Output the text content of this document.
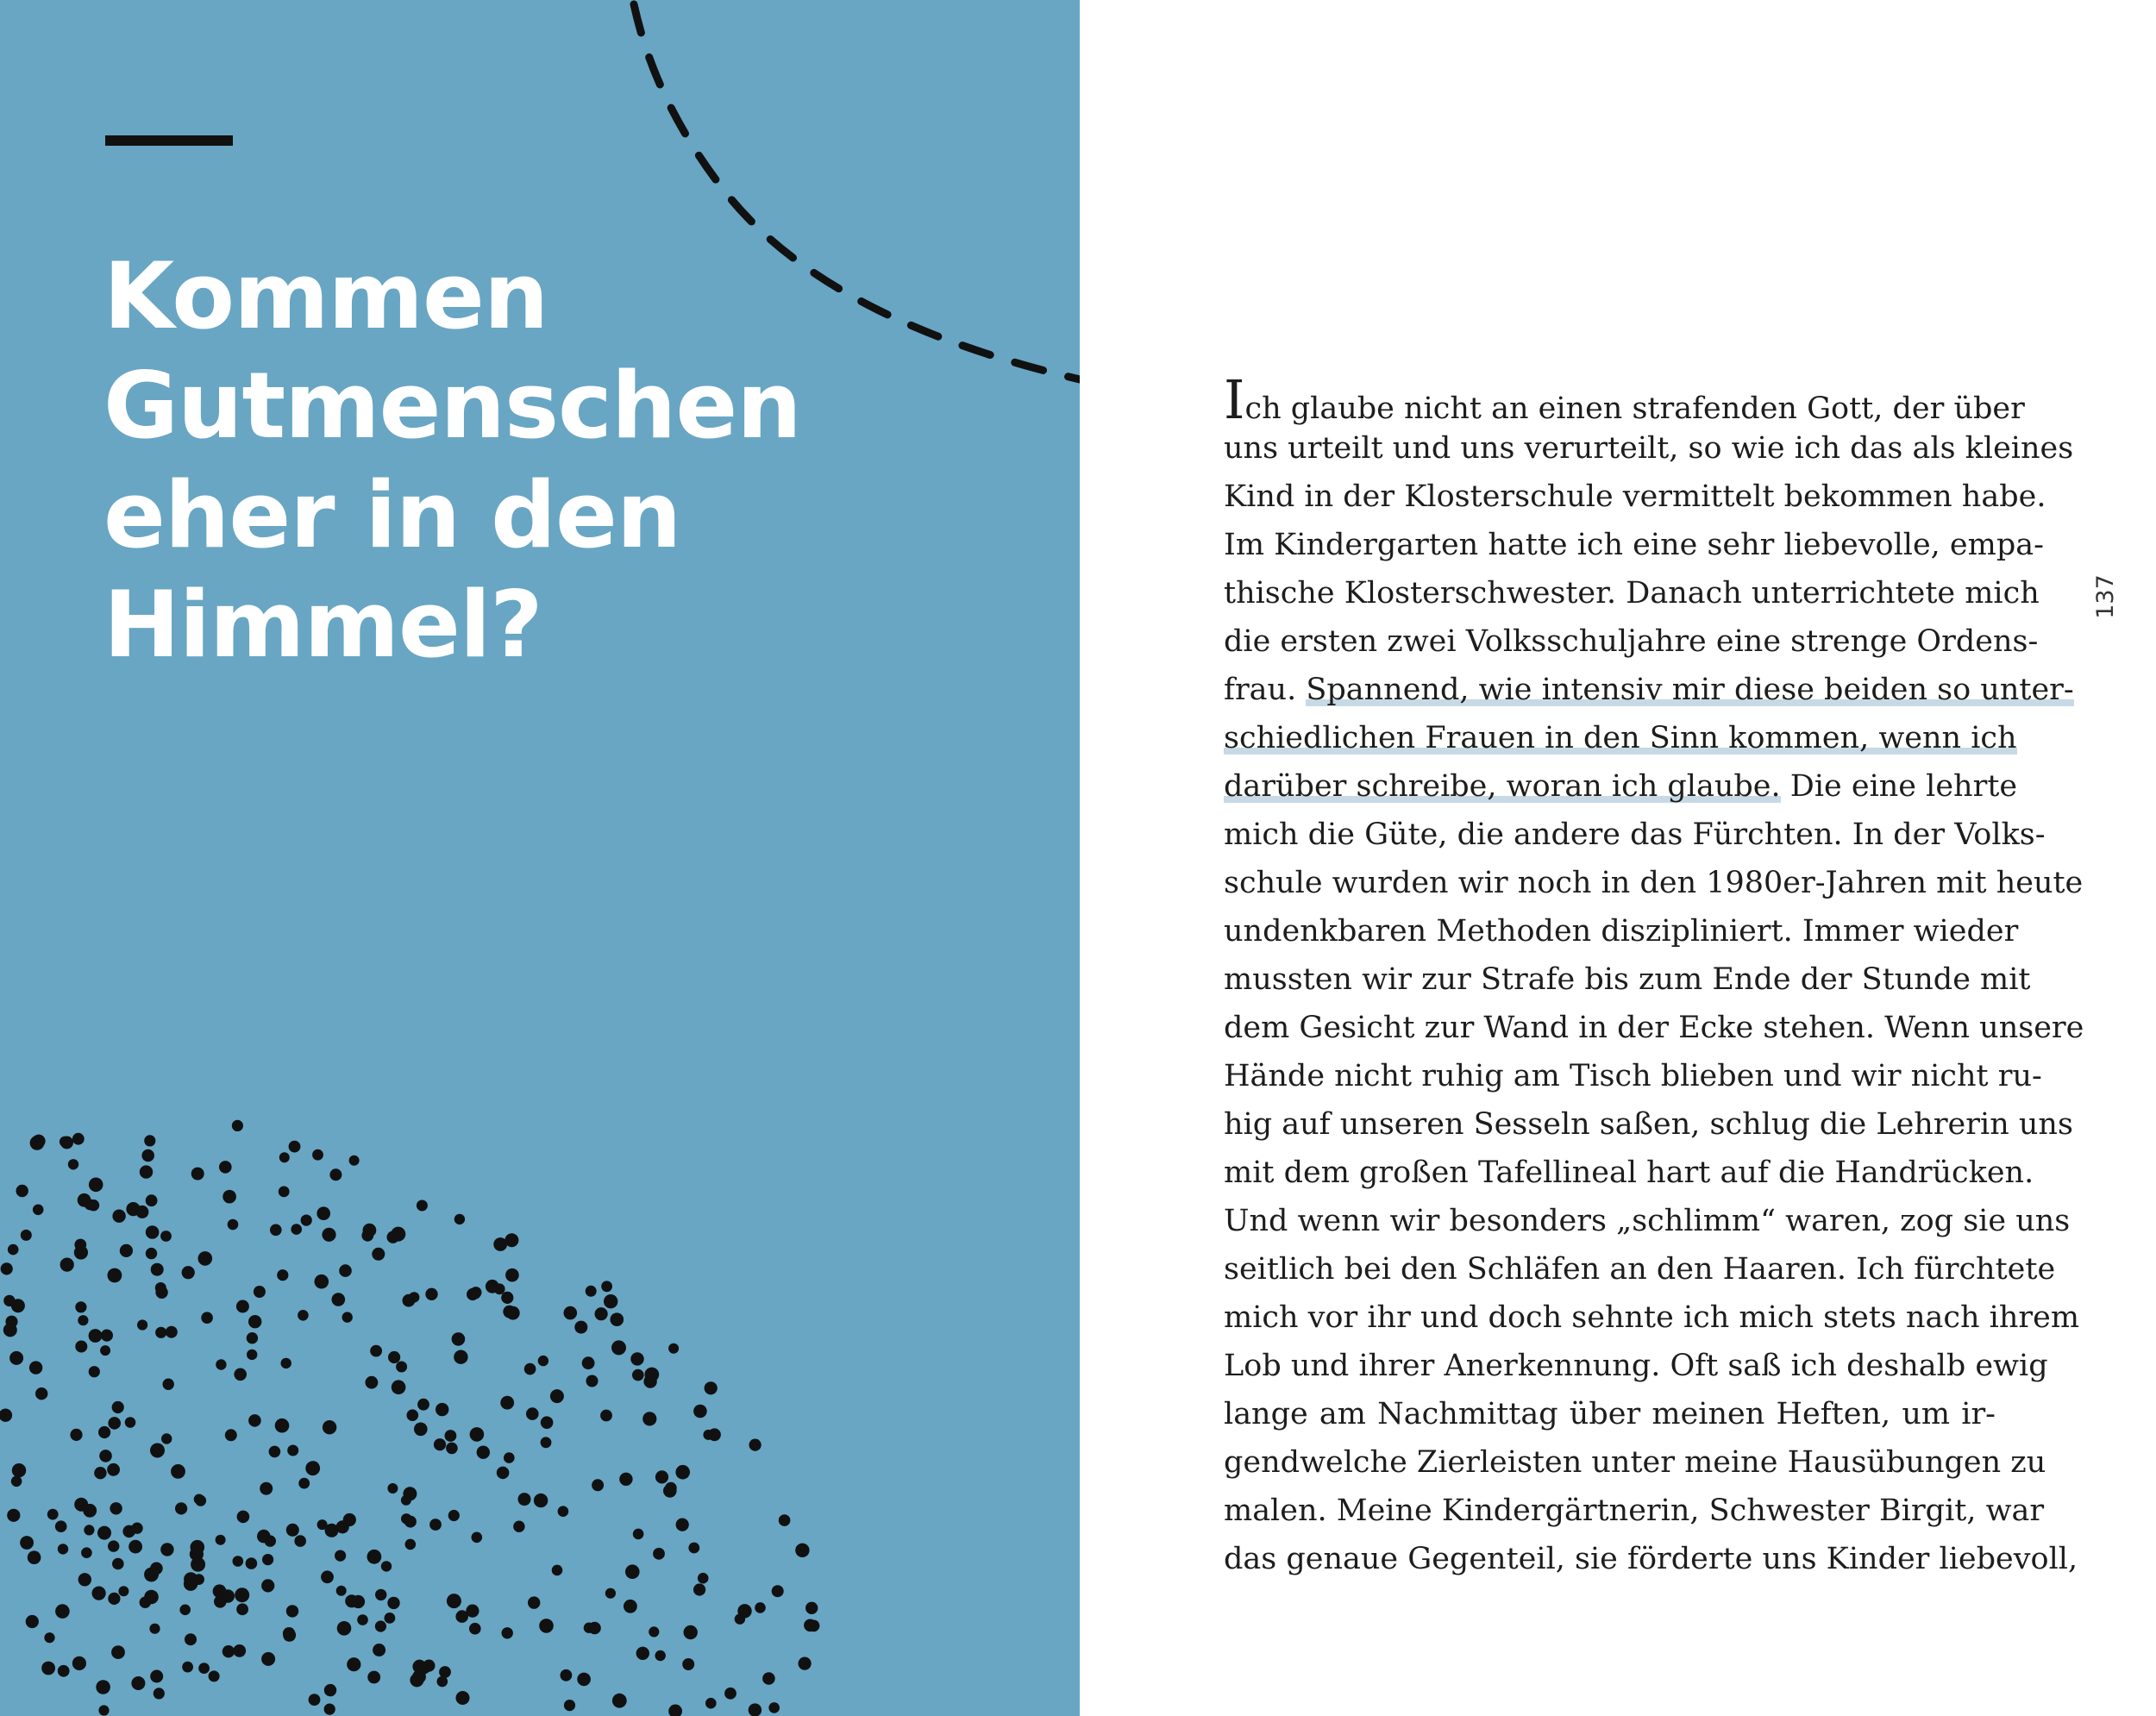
Kommen
Gutmenschen
eher in den
Himmel?
Ich glaube nicht an einen strafenden Gott, der über
uns urteilt und uns verurteilt, so wie ich das als kleines
Kind in der Klosterschule vermittelt bekommen habe.
Im Kindergarten hatte ich eine sehr liebevolle, empa-
thische Klosterschwester. Danach unterrichtete mich
die ersten zwei Volksschuljahre eine strenge Ordens-
frau. Spannend, wie intensiv mir diese beiden so unter-
schiedlichen Frauen in den Sinn kommen, wenn ich
darüber schreibe, woran ich glaube. Die eine lehrte
mich die Güte, die andere das Fürchten. In der Volks-
schule wurden wir noch in den 1980er-Jahren mit heute
undenkbaren Methoden diszipliniert. Immer wieder
mussten wir zur Strafe bis zum Ende der Stunde mit
dem Gesicht zur Wand in der Ecke stehen. Wenn unsere
Hände nicht ruhig am Tisch blieben und wir nicht ru-
hig auf unseren Sesseln saßen, schlug die Lehrerin uns
mit dem großen Tafellineal hart auf die Handrücken.
Und wenn wir besonders „schlimm“ waren, zog sie uns
seitlich bei den Schläfen an den Haaren. Ich fürchtete
mich vor ihr und doch sehnte ich mich stets nach ihrem
Lob und ihrer Anerkennung. Oft saß ich deshalb ewig
lange am Nachmittag über meinen Heften, um ir-
gendwelche Zierleisten unter meine Hausübungen zu
malen. Meine Kindergärtnerin, Schwester Birgit, war
das genaue Gegenteil, sie förderte uns Kinder liebevoll,
137
